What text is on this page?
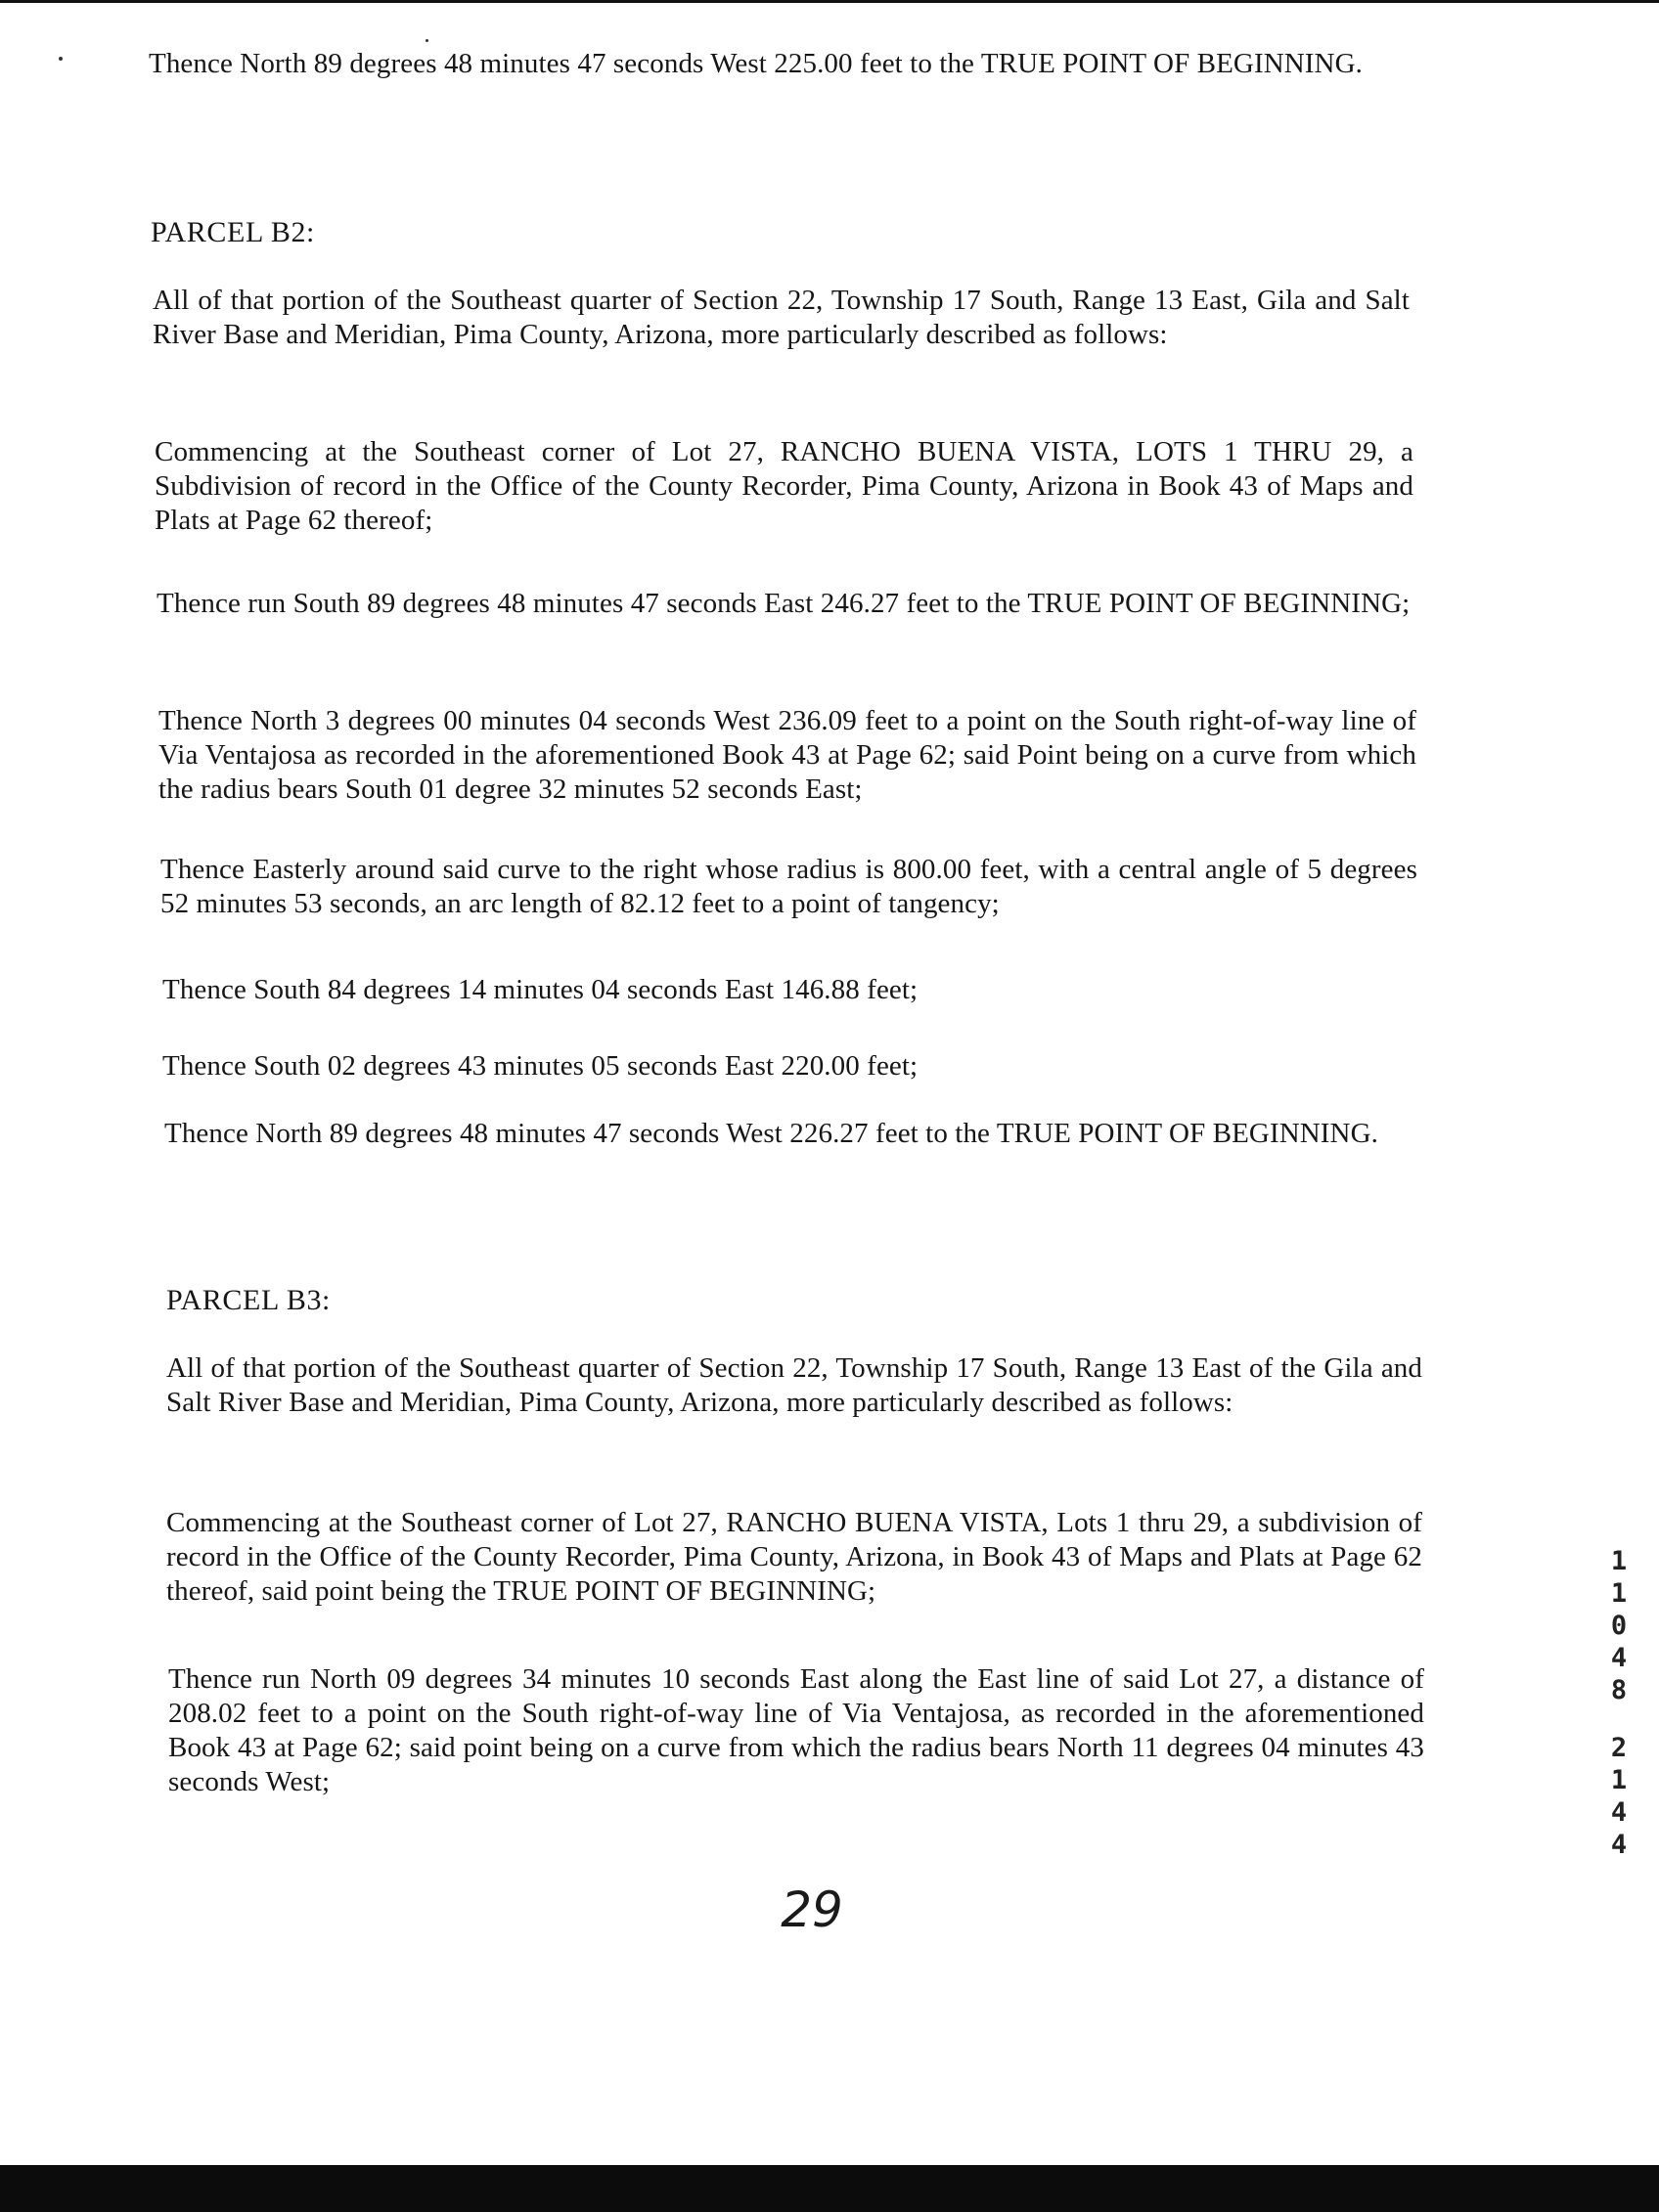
Thence North 89 degrees 48 minutes 47 seconds West 225.00 feet to the TRUE POINT OF BEGINNING.

PARCEL B2:

All of that portion of the Southeast quarter of Section 22, Township 17 South, Range 13 East, Gila and Salt River Base and Meridian, Pima County, Arizona, more particularly described as follows:

Commencing at the Southeast corner of Lot 27, RANCHO BUENA VISTA, LOTS 1 THRU 29, a Subdivision of record in the Office of the County Recorder, Pima County, Arizona in Book 43 of Maps and Plats at Page 62 thereof;

Thence run South 89 degrees 48 minutes 47 seconds East 246.27 feet to the TRUE POINT OF BEGINNING;

Thence North 3 degrees 00 minutes 04 seconds West 236.09 feet to a point on the South right-of-way line of Via Ventajosa as recorded in the aforementioned Book 43 at Page 62; said Point being on a curve from which the radius bears South 01 degree 32 minutes 52 seconds East;

Thence Easterly around said curve to the right whose radius is 800.00 feet, with a central angle of 5 degrees 52 minutes 53 seconds, an arc length of 82.12 feet to a point of tangency;

Thence South 84 degrees 14 minutes 04 seconds East 146.88 feet;

Thence South 02 degrees 43 minutes 05 seconds East 220.00 feet;

Thence North 89 degrees 48 minutes 47 seconds West 226.27 feet to the TRUE POINT OF BEGINNING.

PARCEL B3:

All of that portion of the Southeast quarter of Section 22, Township 17 South, Range 13 East of the Gila and Salt River Base and Meridian, Pima County, Arizona, more particularly described as follows:

Commencing at the Southeast corner of Lot 27, RANCHO BUENA VISTA, Lots 1 thru 29, a subdivision of record in the Office of the County Recorder, Pima County, Arizona, in Book 43 of Maps and Plats at Page 62 thereof, said point being the TRUE POINT OF BEGINNING;

Thence run North 09 degrees 34 minutes 10 seconds East along the East line of said Lot 27, a distance of 208.02 feet to a point on the South right-of-way line of Via Ventajosa, as recorded in the aforementioned Book 43 at Page 62; said point being on a curve from which the radius bears North 11 degrees 04 minutes 43 seconds West;

1
1
0
4
8
2
1
4
4
29
